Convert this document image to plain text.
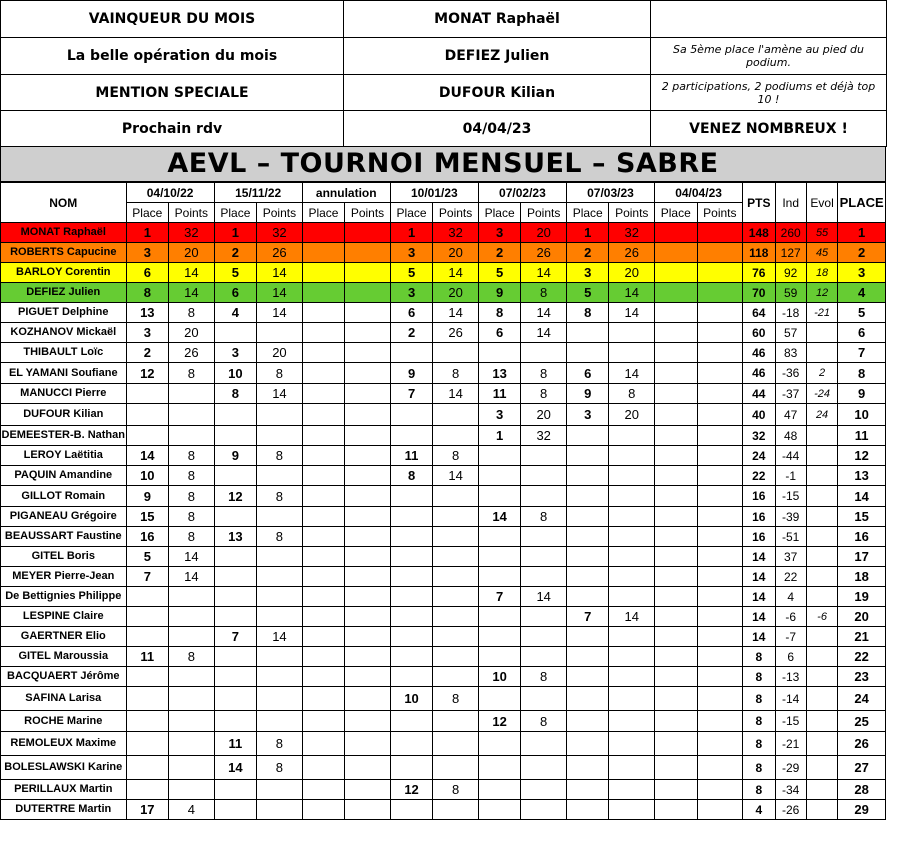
VAINQUEUR DU MOIS	MONAT Raphaël	
La belle opération du mois	DEFIEZ Julien	Sa 5ème place l'amène au pied du podium.
MENTION SPECIALE	DUFOUR Kilian	2 participations, 2 podiums et déjà top 10 !
Prochain rdv	04/04/23	VENEZ NOMBREUX !
AEVL – TOURNOI MENSUEL – SABRE
NOM	04/10/22		15/11/22		annulation		10/01/23		07/02/23		07/03/23		04/04/23		PTS	Ind	Evol	PLACE
	Place	Points	Place	Points	Place	Points	Place	Points	Place	Points	Place	Points	Place	Points				
MONAT Raphaël	1	32	1	32			1	32	3	20	1	32			148	260	55	1
ROBERTS Capucine	3	20	2	26			3	20	2	26	2	26			118	127	45	2
BARLOY Corentin	6	14	5	14			5	14	5	14	3	20			76	92	18	3
DEFIEZ Julien	8	14	6	14			3	20	9	8	5	14			70	59	12	4
PIGUET Delphine	13	8	4	14			6	14	8	14	8	14			64	-18	-21	5
KOZHANOV Mickaël	3	20					2	26	6	14					60	57		6
THIBAULT Loïc	2	26	3	20											46	83		7
EL YAMANI Soufiane	12	8	10	8			9	8	13	8	6	14			46	-36	2	8
MANUCCI Pierre			8	14			7	14	11	8	9	8			44	-37	-24	9
DUFOUR Kilian									3	20	3	20			40	47	24	10
DEMEESTER-B. Nathan									1	32					32	48		11
LEROY Laëtitia	14	8	9	8			11	8							24	-44		12
PAQUIN Amandine	10	8					8	14							22	-1		13
GILLOT Romain	9	8	12	8											16	-15		14
PIGANEAU Grégoire	15	8							14	8					16	-39		15
BEAUSSART Faustine	16	8	13	8											16	-51		16
GITEL Boris	5	14													14	37		17
MEYER Pierre-Jean	7	14													14	22		18
De Bettignies Philippe									7	14					14	4		19
LESPINE Claire											7	14			14	-6	-6	20
GAERTNER Elio			7	14											14	-7		21
GITEL Maroussia	11	8													8	6		22
BACQUAERT Jérôme									10	8					8	-13		23
SAFINA Larisa							10	8							8	-14		24
ROCHE Marine									12	8					8	-15		25
REMOLEUX Maxime			11	8											8	-21		26
BOLESLAWSKI Karine			14	8											8	-29		27
PERILLAUX Martin							12	8							8	-34		28
DUTERTRE Martin	17	4													4	-26		29
